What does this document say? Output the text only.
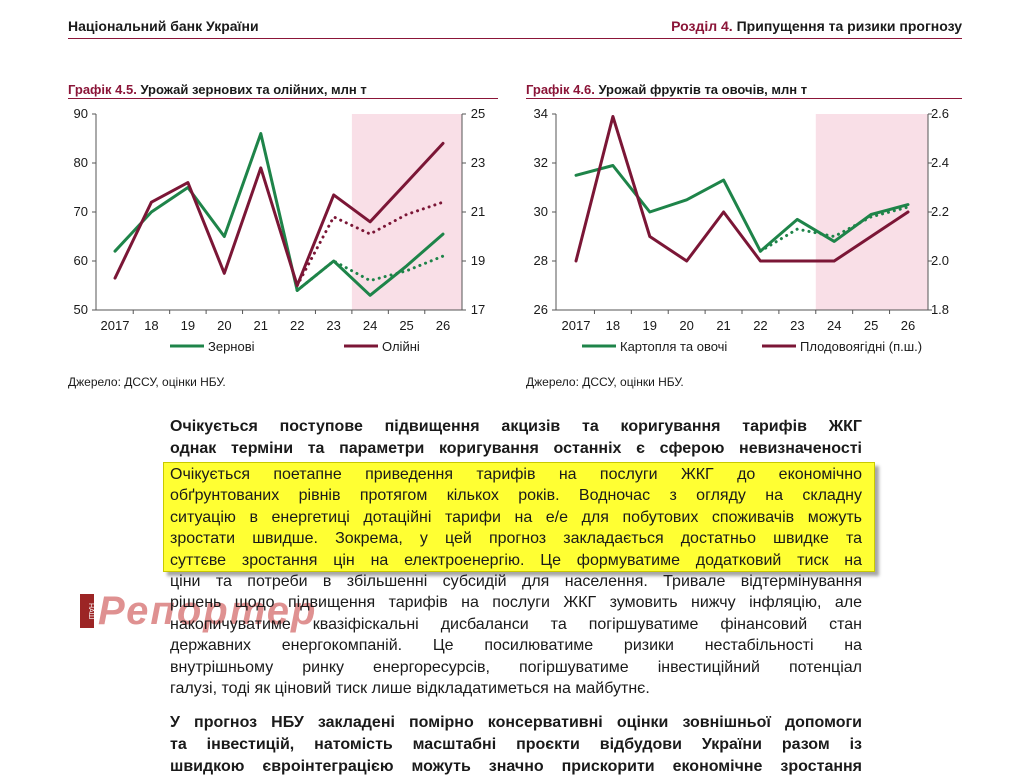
Національний банк України	Розділ 4. Припущення та ризики прогнозу
Графік 4.5. Урожай зернових та олійних, млн т
50
60
70
80
90
17
19
21
23
25
2017 18 19 20 21 22 23 24 25 26
Зернові	Олійні
Джерело: ДССУ, оцінки НБУ.
Графік 4.6. Урожай фруктів та овочів, млн т
26
28
30
32
34
1.8
2.0
2.2
2.4
2.6
2017 18 19 20 21 22 23 24 25 26
Картопля та овочі	Плодовоягідні (п.ш.)
Джерело: ДССУ, оцінки НБУ.
Очікується поступове підвищення акцизів та коригування тарифів ЖКГ
однак терміни та параметри коригування останніх є сферою невизначеності
НАШ Репортер
Очікується поетапне приведення тарифів на послуги ЖКГ до економічно
обґрунтованих рівнів протягом кількох років. Водночас з огляду на складну
ситуацію в енергетиці дотаційні тарифи на е/е для побутових споживачів можуть
зростати швидше. Зокрема, у цей прогноз закладається достатньо швидке та
суттєве зростання цін на електроенергію. Це формуватиме додатковий тиск на
ціни та потреби в збільшенні субсидій для населення. Тривале відтермінування
рішень щодо підвищення тарифів на послуги ЖКГ зумовить нижчу інфляцію, але
накопичуватиме квазіфіскальні дисбаланси та погіршуватиме фінансовий стан
державних енергокомпаній. Це посилюватиме ризики нестабільності на
внутрішньому ринку енергоресурсів, погіршуватиме інвестиційний потенціал
галузі, тоді як ціновий тиск лише відкладатиметься на майбутнє.
У прогноз НБУ закладені помірно консервативні оцінки зовнішньої допомоги
та інвестицій, натомість масштабні проєкти відбудови України разом із
швидкою євроінтеграцією можуть значно прискорити економічне зростання
